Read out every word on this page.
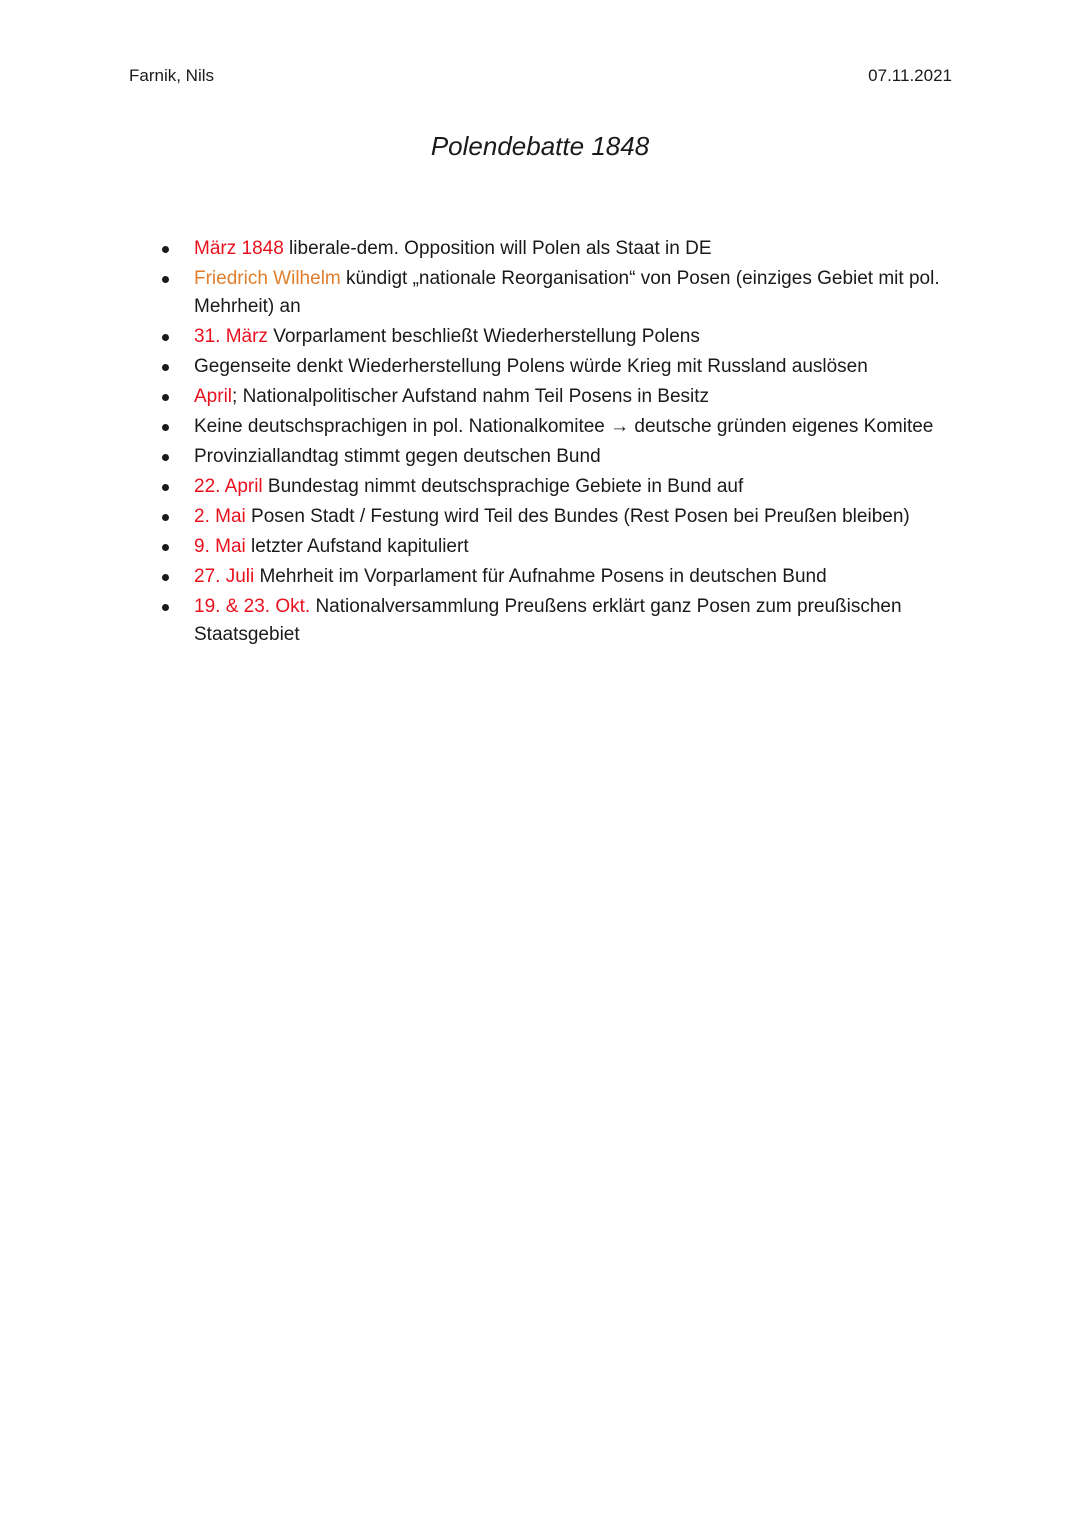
Farnik, Nils	07.11.2021
Polendebatte 1848
März 1848 liberale-dem. Opposition will Polen als Staat in DE
Friedrich Wilhelm kündigt „nationale Reorganisation“ von Posen (einziges Gebiet mit pol. Mehrheit) an
31. März Vorparlament beschließt Wiederherstellung Polens
Gegenseite denkt Wiederherstellung Polens würde Krieg mit Russland auslösen
April; Nationalpolitischer Aufstand nahm Teil Posens in Besitz
Keine deutschsprachigen in pol. Nationalkomitee → deutsche gründen eigenes Komitee
Provinziallandtag stimmt gegen deutschen Bund
22. April Bundestag nimmt deutschsprachige Gebiete in Bund auf
2. Mai Posen Stadt / Festung wird Teil des Bundes (Rest Posen bei Preußen bleiben)
9. Mai letzter Aufstand kapituliert
27. Juli Mehrheit im Vorparlament für Aufnahme Posens in deutschen Bund
19. & 23. Okt. Nationalversammlung Preußens erklärt ganz Posen zum preußischen Staatsgebiet
